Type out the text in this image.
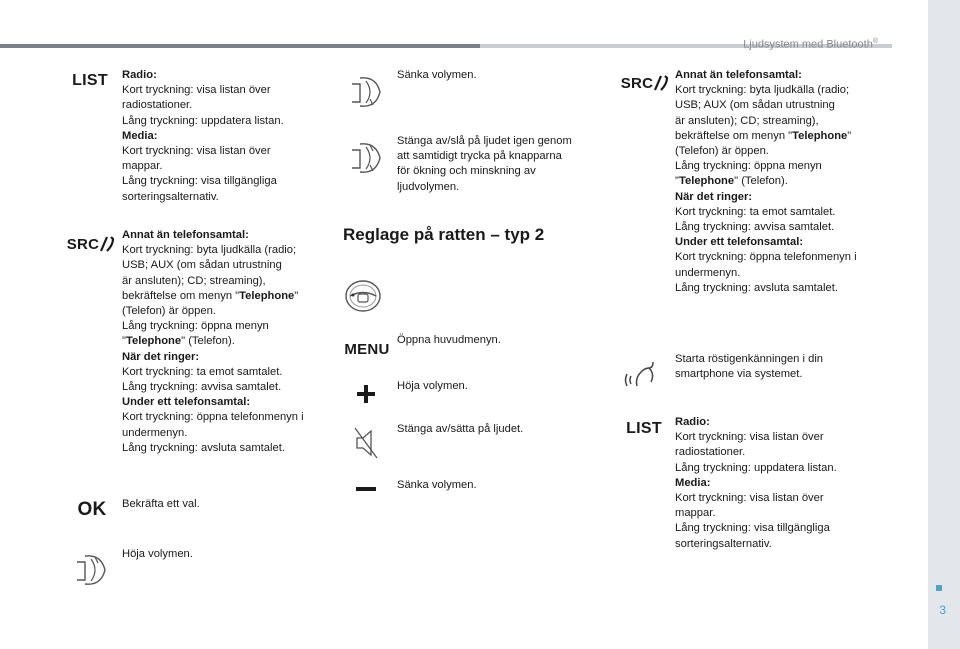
Ljudsystem med Bluetooth®
3
LIST Radio:
Kort tryckning: visa listan över
radiostationer.
Lång tryckning: uppdatera listan.
Media:
Kort tryckning: visa listan över
mappar.
Lång tryckning: visa tillgängliga
sorteringsalternativ.
SRC
Annat än telefonsamtal:
Kort tryckning: byta ljudkälla (radio;
USB; AUX (om sådan utrustning
är ansluten); CD; streaming),
bekräftelse om menyn "Telephone"
(Telefon) är öppen.
Lång tryckning: öppna menyn
"Telephone" (Telefon).
När det ringer:
Kort tryckning: ta emot samtalet.
Lång tryckning: avvisa samtalet.
Under ett telefonsamtal:
Kort tryckning: öppna telefonmenyn i
undermenyn.
Lång tryckning: avsluta samtalet.
OK Bekräfta ett val.
Höja volymen.
Sänka volymen.
Stänga av/slå på ljudet igen genom
att samtidigt trycka på knapparna
för ökning och minskning av
ljudvolymen.
Reglage på ratten – typ 2
MENU
Öppna huvudmenyn.
Höja volymen.
Stänga av/sätta på ljudet.
Sänka volymen.
SRC Annat än telefonsamtal:
Kort tryckning: byta ljudkälla (radio;
USB; AUX (om sådan utrustning
är ansluten); CD; streaming),
bekräftelse om menyn "Telephone"
(Telefon) är öppen.
Lång tryckning: öppna menyn
"Telephone" (Telefon).
När det ringer:
Kort tryckning: ta emot samtalet.
Lång tryckning: avvisa samtalet.
Under ett telefonsamtal:
Kort tryckning: öppna telefonmenyn i
undermenyn.
Lång tryckning: avsluta samtalet.
Starta röstigenkänningen i din
smartphone via systemet.
LIST Radio:
Kort tryckning: visa listan över
radiostationer.
Lång tryckning: uppdatera listan.
Media:
Kort tryckning: visa listan över
mappar.
Lång tryckning: visa tillgängliga
sorteringsalternativ.
